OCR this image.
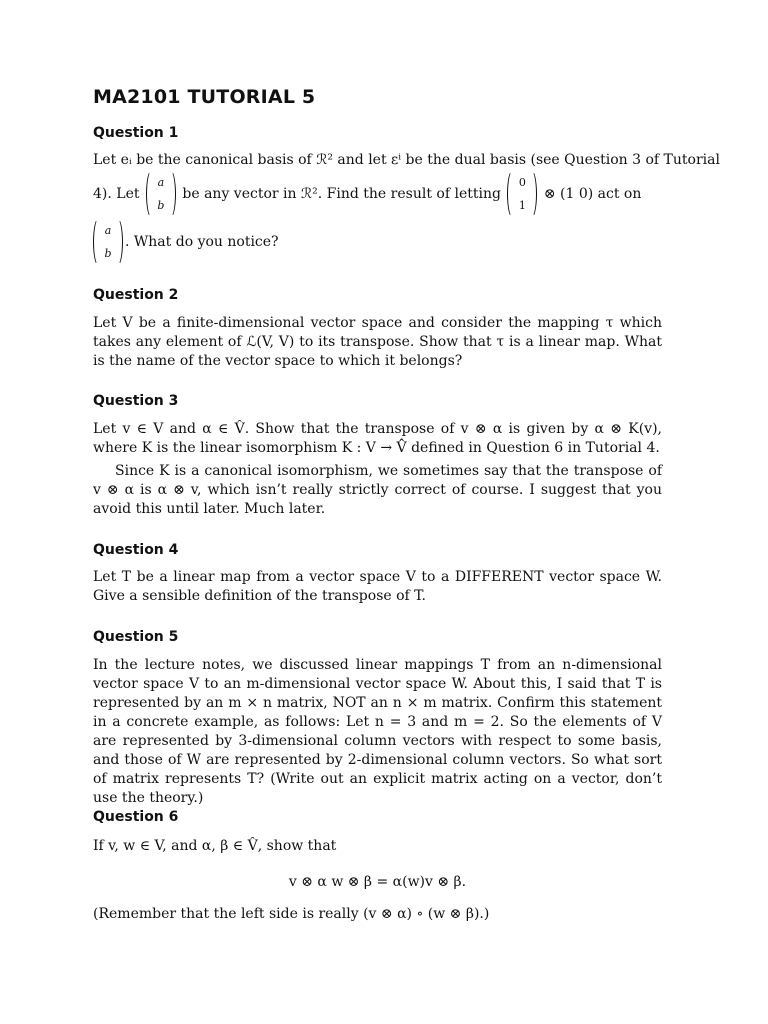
MA2101 TUTORIAL 5
Question 1
Let eᵢ be the canonical basis of ℛ² and let εⁱ be the dual basis (see Question 3 of Tutorial
4). Let
a
b
be any vector in ℛ². Find the result of letting
0
1
⊗ (1 0) act on
a
b
. What do you notice?
Question 2
Let V be a finite-dimensional vector space and consider the mapping τ which takes any element of ℒ(V, V) to its transpose. Show that τ is a linear map. What is the name of the vector space to which it belongs?
Question 3
Let v ∈ V and α ∈ V̂. Show that the transpose of v ⊗ α is given by α ⊗ K(v), where K is the linear isomorphism K : V → V̂̂ defined in Question 6 in Tutorial 4.
Since K is a canonical isomorphism, we sometimes say that the transpose of v ⊗ α is α ⊗ v, which isn’t really strictly correct of course. I suggest that you avoid this until later. Much later.
Question 4
Let T be a linear map from a vector space V to a DIFFERENT vector space W. Give a sensible definition of the transpose of T.
Question 5
In the lecture notes, we discussed linear mappings T from an n-dimensional vector space V to an m-dimensional vector space W. About this, I said that T is represented by an m × n matrix, NOT an n × m matrix. Confirm this statement in a concrete example, as follows: Let n = 3 and m = 2. So the elements of V are represented by 3-dimensional column vectors with respect to some basis, and those of W are represented by 2-dimensional column vectors. So what sort of matrix represents T? (Write out an explicit matrix acting on a vector, don’t use the theory.)
Question 6
If v, w ∈ V, and α, β ∈ V̂, show that
v ⊗ α w ⊗ β = α(w)v ⊗ β.
(Remember that the left side is really (v ⊗ α) ∘ (w ⊗ β).)
